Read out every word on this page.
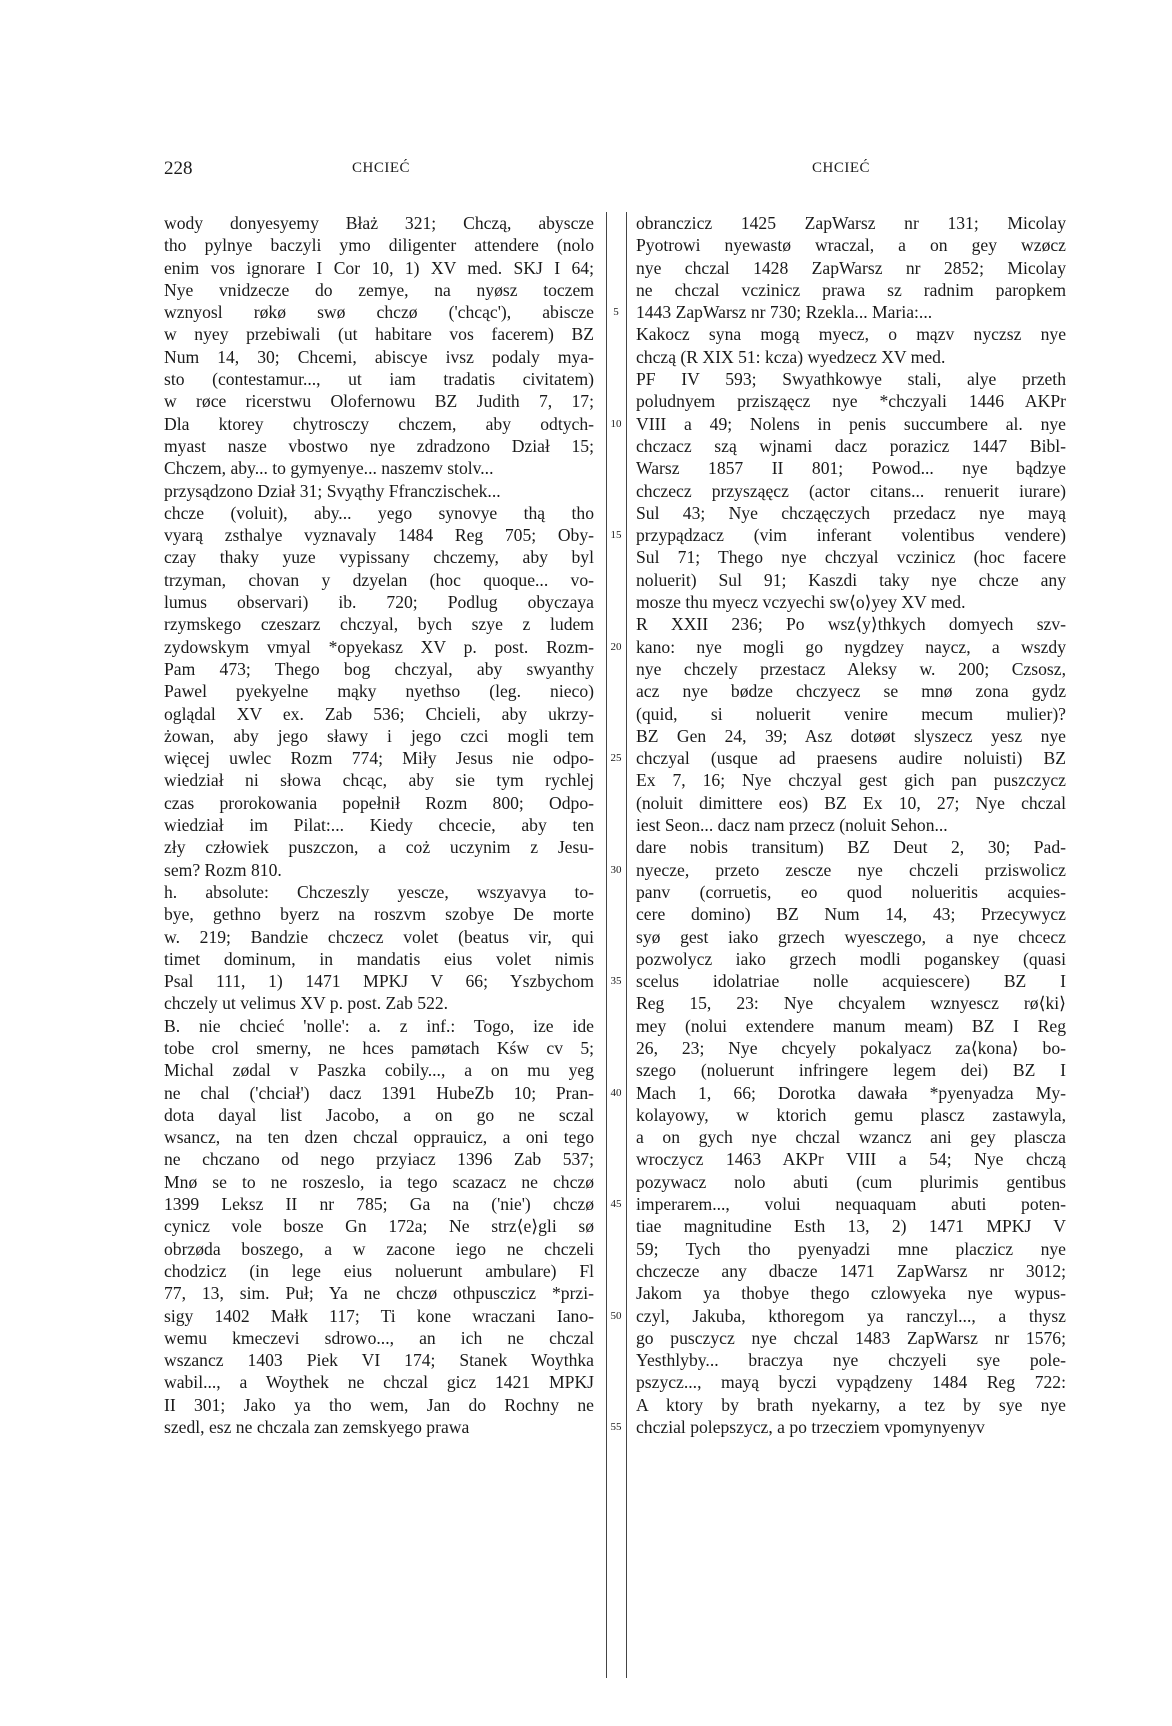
228	CHCIEĆ	CHCIEĆ
wody donyesyemy Błaż 321; Chczą, abyscze
tho pylnye baczyli ymo diligenter attendere (nolo
enim vos ignorare I Cor 10, 1) XV med. SKJ I 64;
Nye vnidzecze do zemye, na nyøsz toczem
wznyosl røkø swø chczø ('chcąc'), abiscze
w nyey przebiwali (ut habitare vos facerem) BZ
Num 14, 30; Chcemi, abiscye ivsz podaly mya-
sto (contestamur..., ut iam tradatis civitatem)
w røce ricerstwu Olofernowu BZ Judith 7, 17;
Dla ktorey chytrosczy chczem, aby odtych-
myast nasze vbostwo nye zdradzono Dział 15;
Chczem, aby... to gymyenye... naszemv stolv...
przysądzono Dział 31; Svyąthy Ffranczischek...
chcze (voluit), aby... yego synovye thą tho
vyarą zsthalye vyznavaly 1484 Reg 705; Oby-
czay thaky yuze vypissany chczemy, aby byl
trzyman, chovan y dzyelan (hoc quoque... vo-
lumus observari) ib. 720; Podlug obyczaya
rzymskego czeszarz chczyal, bych szye z ludem
zydowskym vmyal *opyekasz XV p. post. Rozm-
Pam 473; Thego bog chczyal, aby swyanthy
Pawel pyekyelne mąky nyethso (leg. nieco)
oglądal XV ex. Zab 536; Chcieli, aby ukrzy-
żowan, aby jego sławy i jego czci mogli tem
więcej uwlec Rozm 774; Miły Jesus nie odpo-
wiedział ni słowa chcąc, aby sie tym rychlej
czas prorokowania popełnił Rozm 800; Odpo-
wiedział im Pilat:... Kiedy chcecie, aby ten
zły człowiek puszczon, a coż uczynim z Jesu-
sem? Rozm 810.
h. absolute: Chczeszly yescze, wszyavya to-
bye, gethno byerz na roszvm szobye De morte
w. 219; Bandzie chczecz volet (beatus vir, qui
timet dominum, in mandatis eius volet nimis
Psal 111, 1) 1471 MPKJ V 66; Yszbychom
chczely ut velimus XV p. post. Zab 522.
B. nie chcieć 'nolle': a. z inf.: Togo, ize ide
tobe crol smerny, ne hces pamøtach Kśw cv 5;
Michal zødal v Paszka cobily..., a on mu yeg
ne chal ('chciał') dacz 1391 HubeZb 10; Pran-
dota dayal list Jacobo, a on go ne sczal
wsancz, na ten dzen chczal opprauicz, a oni tego
ne chczano od nego przyiacz 1396 Zab 537;
Mnø se to ne roszeslo, ia tego scazacz ne chczø
1399 Leksz II nr 785; Ga na ('nie') chczø
cynicz vole bosze Gn 172a; Ne strz⟨e⟩gli sø
obrzøda boszego, a w zacone iego ne chczeli
chodzicz (in lege eius noluerunt ambulare) Fl
77, 13, sim. Puł; Ya ne chczø othpusczicz *przi-
sigy 1402 Małk 117; Ti kone wraczani Iano-
wemu kmeczevi sdrowo..., an ich ne chczal
wszancz 1403 Piek VI 174; Stanek Woythka
wabil..., a Woythek ne chczal gicz 1421 MPKJ
II 301; Jako ya tho wem, Jan do Rochny ne
szedl, esz ne chczala zan zemskyego prawa
5
10
15
20
25
30
35
40
45
50
55
obranczicz 1425 ZapWarsz nr 131; Micolay
Pyotrowi nyewastø wraczal, a on gey wzøcz
nye chczal 1428 ZapWarsz nr 2852; Micolay
ne chczal vczinicz prawa sz radnim paropkem
1443 ZapWarsz nr 730; Rzekla... Maria:...
Kakocz syna mogą myecz, o mązv nyczsz nye
chczą (R XIX 51: kcza) wyedzecz XV med.
PF IV 593; Swyathkowye stali, alye przeth
poludnyem przisząęcz nye *chczyali 1446 AKPr
VIII a 49; Nolens in penis succumbere al. nye
chczacz szą wjnami dacz porazicz 1447 Bibl-
Warsz 1857 II 801; Powod... nye bądzye
chczecz przysząęcz (actor citans... renuerit iurare)
Sul 43; Nye chcząęczych przedacz nye mayą
przypądzacz (vim inferant volentibus vendere)
Sul 71; Thego nye chczyal vczinicz (hoc facere
noluerit) Sul 91; Kaszdi taky nye chcze any
mosze thu myecz vczyechi sw⟨o⟩yey XV med.
R XXII 236; Po wsz⟨y⟩thkych domyech szv-
kano: nye mogli go nygdzey naycz, a wszdy
nye chczely przestacz Aleksy w. 200; Czsosz,
acz nye bødze chczyecz se mnø zona gydz
(quid, si noluerit venire mecum mulier)?
BZ Gen 24, 39; Asz dotøøt slyszecz yesz nye
chczyal (usque ad praesens audire noluisti) BZ
Ex 7, 16; Nye chczyal gest gich pan puszczycz
(noluit dimittere eos) BZ Ex 10, 27; Nye chczal
iest Seon... dacz nam przecz (noluit Sehon...
dare nobis transitum) BZ Deut 2, 30; Pad-
nyecze, przeto zescze nye chczeli prziswolicz
panv (corruetis, eo quod nolueritis acquies-
cere domino) BZ Num 14, 43; Przecywycz
syø gest iako grzech wyesczego, a nye chcecz
pozwolycz iako grzech modli poganskey (quasi
scelus idolatriae nolle acquiescere) BZ I
Reg 15, 23: Nye chcyalem wznyescz rø⟨ki⟩
mey (nolui extendere manum meam) BZ I Reg
26, 23; Nye chcyely pokalyacz za⟨kona⟩ bo-
szego (noluerunt infringere legem dei) BZ I
Mach 1, 66; Dorotka dawała *pyenyadza My-
kolayowy, w ktorich gemu plascz zastawyla,
a on gych nye chczal wzancz ani gey plascza
wroczycz 1463 AKPr VIII a 54; Nye chczą
pozywacz nolo abuti (cum plurimis gentibus
imperarem..., volui nequaquam abuti poten-
tiae magnitudine Esth 13, 2) 1471 MPKJ V
59; Tych tho pyenyadzi mne placzicz nye
chczecze any dbacze 1471 ZapWarsz nr 3012;
Jakom ya thobye thego czlowyeka nye wypus-
czyl, Jakuba, kthoregom ya ranczyl..., a thysz
go pusczycz nye chczal 1483 ZapWarsz nr 1576;
Yesthlyby... braczya nye chczyeli sye pole-
pszycz..., mayą byczi vypądzeny 1484 Reg 722:
A ktory by brath nyekarny, a tez by sye nye
chczial polepszycz, a po trzecziem vpomynyenyv
